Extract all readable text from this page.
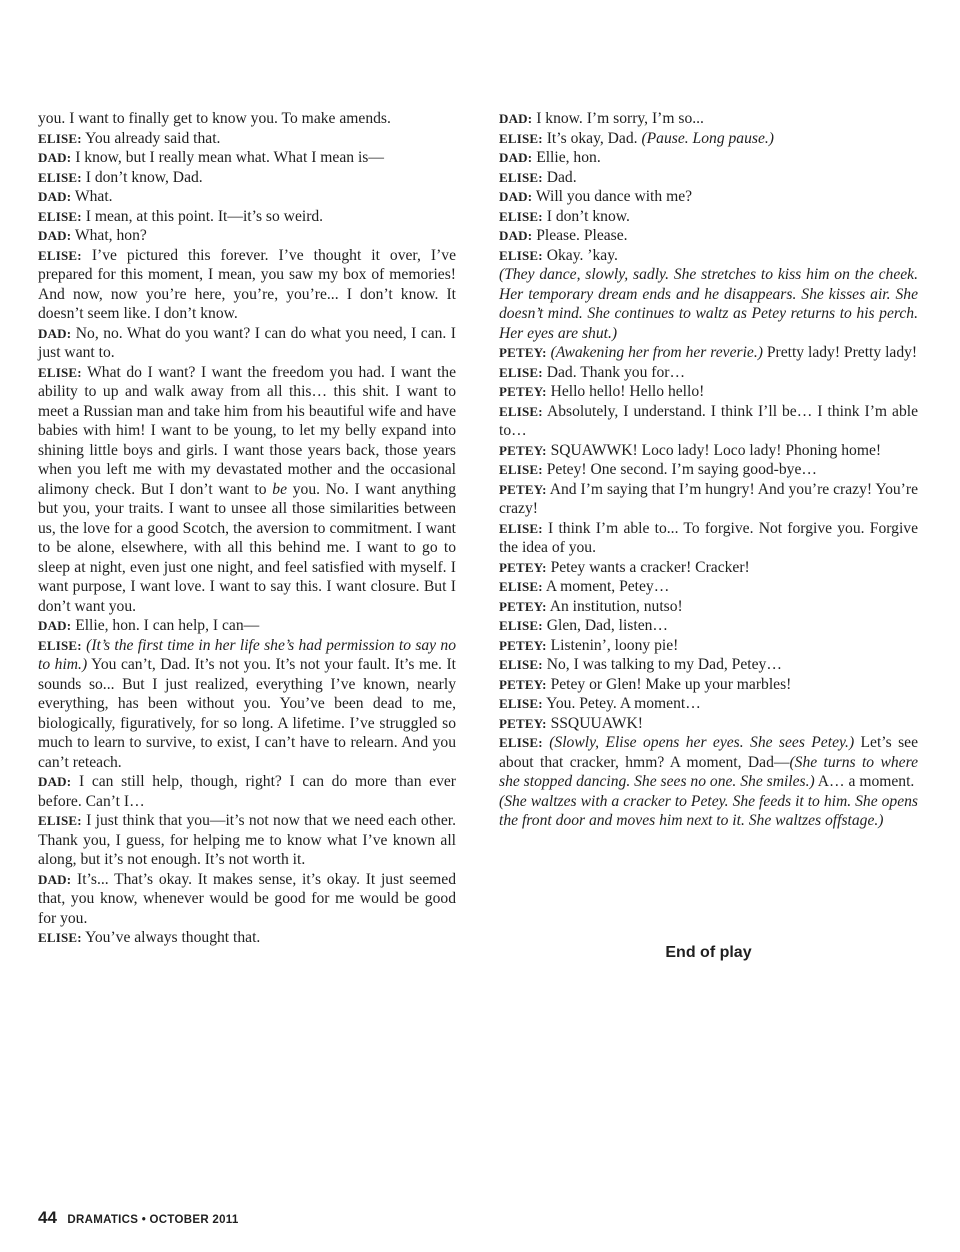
you. I want to finally get to know you. To make amends.

ELISE: You already said that.

DAD: I know, but I really mean what. What I mean is—

ELISE: I don’t know, Dad.

DAD: What.

ELISE: I mean, at this point. It—it’s so weird.

DAD: What, hon?

ELISE: I’ve pictured this forever. I’ve thought it over, I’ve prepared for this moment, I mean, you saw my box of memories! And now, now you’re here, you’re, you’re... I don’t know. It doesn’t seem like. I don’t know.

DAD: No, no. What do you want? I can do what you need, I can. I just want to.

ELISE: What do I want? I want the freedom you had. I want the ability to up and walk away from all this… this shit. I want to meet a Russian man and take him from his beautiful wife and have babies with him! I want to be young, to let my belly expand into shining little boys and girls. I want those years back, those years when you left me with my devastated mother and the occasional alimony check. But I don’t want to be you. No. I want anything but you, your traits. I want to unsee all those similarities between us, the love for a good Scotch, the aversion to commitment. I want to be alone, elsewhere, with all this behind me. I want to go to sleep at night, even just one night, and feel satisfied with myself. I want purpose, I want love. I want to say this. I want closure. But I don’t want you.

DAD: Ellie, hon. I can help, I can—

ELISE: (It’s the first time in her life she’s had permission to say no to him.) You can’t, Dad. It’s not you. It’s not your fault. It’s me. It sounds so... But I just realized, everything I’ve known, nearly everything, has been without you. You’ve been dead to me, biologically, figuratively, for so long. A lifetime. I’ve struggled so much to learn to survive, to exist, I can’t have to relearn. And you can’t reteach.

DAD: I can still help, though, right? I can do more than ever before. Can’t I…

ELISE: I just think that you—it’s not now that we need each other. Thank you, I guess, for helping me to know what I’ve known all along, but it’s not enough. It’s not worth it.

DAD: It’s... That’s okay. It makes sense, it’s okay. It just seemed that, you know, whenever would be good for me would be good for you.

ELISE: You’ve always thought that.

DAD: I know. I’m sorry, I’m so...

ELISE: It’s okay, Dad. (Pause. Long pause.)

DAD: Ellie, hon.

ELISE: Dad.

DAD: Will you dance with me?

ELISE: I don’t know.

DAD: Please. Please.

ELISE: Okay. ’kay.

(They dance, slowly, sadly. She stretches to kiss him on the cheek. Her temporary dream ends and he disappears. She kisses air. She doesn’t mind. She continues to waltz as Petey returns to his perch. Her eyes are shut.)

PETEY: (Awakening her from her reverie.) Pretty lady! Pretty lady!

ELISE: Dad. Thank you for…

PETEY: Hello hello! Hello hello!

ELISE: Absolutely, I understand. I think I’ll be… I think I’m able to…

PETEY: SQUAWWK! Loco lady! Loco lady! Phoning home!

ELISE: Petey! One second. I’m saying good-bye…

PETEY: And I’m saying that I’m hungry! And you’re crazy! You’re crazy!

ELISE: I think I’m able to... To forgive. Not forgive you. Forgive the idea of you.

PETEY: Petey wants a cracker! Cracker!

ELISE: A moment, Petey…

PETEY: An institution, nutso!

ELISE: Glen, Dad, listen…

PETEY: Listenin’, loony pie!

ELISE: No, I was talking to my Dad, Petey…

PETEY: Petey or Glen! Make up your marbles!

ELISE: You. Petey. A moment…

PETEY: SSQUUAWK!

ELISE: (Slowly, Elise opens her eyes. She sees Petey.) Let’s see about that cracker, hmm? A moment, Dad—(She turns to where she stopped dancing. She sees no one. She smiles.) A… a moment.

(She waltzes with a cracker to Petey. She feeds it to him. She opens the front door and moves him next to it. She waltzes offstage.)

End of play
44 DRAMATICS • OCTOBER 2011
